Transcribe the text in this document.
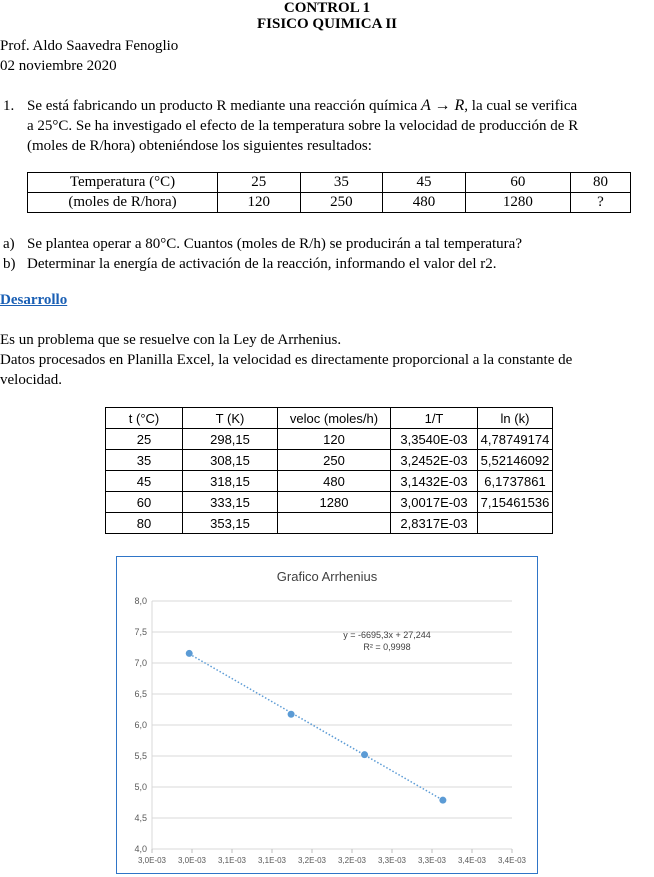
CONTROL 1
FISICO QUIMICA II
Prof. Aldo Saavedra Fenoglio
02 noviembre 2020
1. Se está fabricando un producto R mediante una reacción química A → R, la cual se verifica
a 25°C. Se ha investigado el efecto de la temperatura sobre la velocidad de producción de R
(moles de R/hora) obteniéndose los siguientes resultados:
Temperatura (°C)	25	35	45	60	80
(moles de R/hora)	120	250	480	1280	?
a) Se plantea operar a 80°C. Cuantos (moles de R/h) se producirán a tal temperatura?
b) Determinar la energía de activación de la reacción, informando el valor del r2.
Desarrollo
Es un problema que se resuelve con la Ley de Arrhenius.
Datos procesados en Planilla Excel, la velocidad es directamente proporcional a la constante de
velocidad.
t (°C)	T (K)	veloc (moles/h)	1/T	ln (k)
25	298,15	120	3,3540E-03	4,78749174
35	308,15	250	3,2452E-03	5,52146092
45	318,15	480	3,1432E-03	6,1737861
60	333,15	1280	3,0017E-03	7,15461536
80	353,15		2,8317E-03	
Grafico Arrhenius
4,0
4,5
5,0
5,5
6,0
6,5
7,0
7,5
8,0
3,0E-03 3,0E-03 3,1E-03 3,1E-03 3,2E-03 3,2E-03 3,3E-03 3,3E-03 3,4E-03 3,4E-03
y = -6695,3x + 27,244
R² = 0,9998
